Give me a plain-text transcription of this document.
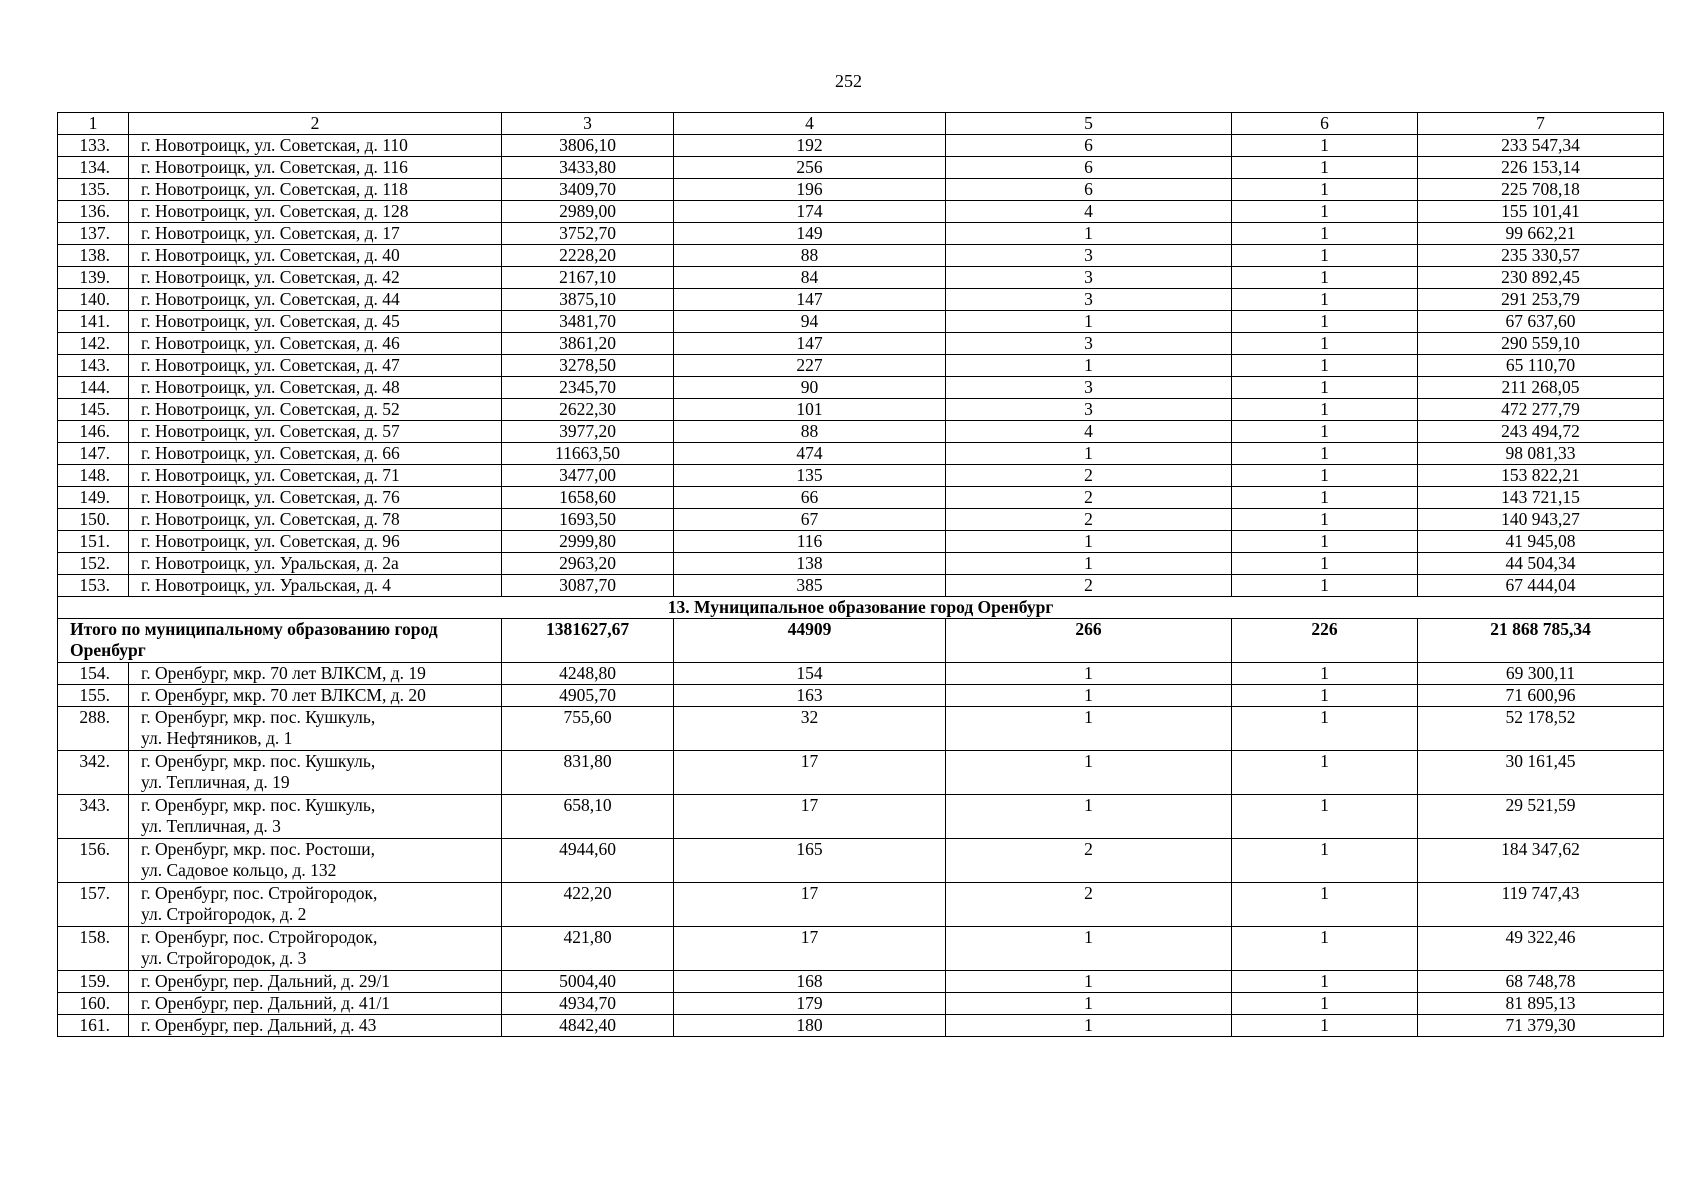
252
1	2	3	4	5	6	7
133.	г. Новотроицк, ул. Советская, д. 110	3806,10	192	6	1	233 547,34
134.	г. Новотроицк, ул. Советская, д. 116	3433,80	256	6	1	226 153,14
135.	г. Новотроицк, ул. Советская, д. 118	3409,70	196	6	1	225 708,18
136.	г. Новотроицк, ул. Советская, д. 128	2989,00	174	4	1	155 101,41
137.	г. Новотроицк, ул. Советская, д. 17	3752,70	149	1	1	99 662,21
138.	г. Новотроицк, ул. Советская, д. 40	2228,20	88	3	1	235 330,57
139.	г. Новотроицк, ул. Советская, д. 42	2167,10	84	3	1	230 892,45
140.	г. Новотроицк, ул. Советская, д. 44	3875,10	147	3	1	291 253,79
141.	г. Новотроицк, ул. Советская, д. 45	3481,70	94	1	1	67 637,60
142.	г. Новотроицк, ул. Советская, д. 46	3861,20	147	3	1	290 559,10
143.	г. Новотроицк, ул. Советская, д. 47	3278,50	227	1	1	65 110,70
144.	г. Новотроицк, ул. Советская, д. 48	2345,70	90	3	1	211 268,05
145.	г. Новотроицк, ул. Советская, д. 52	2622,30	101	3	1	472 277,79
146.	г. Новотроицк, ул. Советская, д. 57	3977,20	88	4	1	243 494,72
147.	г. Новотроицк, ул. Советская, д. 66	11663,50	474	1	1	98 081,33
148.	г. Новотроицк, ул. Советская, д. 71	3477,00	135	2	1	153 822,21
149.	г. Новотроицк, ул. Советская, д. 76	1658,60	66	2	1	143 721,15
150.	г. Новотроицк, ул. Советская, д. 78	1693,50	67	2	1	140 943,27
151.	г. Новотроицк, ул. Советская, д. 96	2999,80	116	1	1	41 945,08
152.	г. Новотроицк, ул. Уральская, д. 2а	2963,20	138	1	1	44 504,34
153.	г. Новотроицк, ул. Уральская, д. 4	3087,70	385	2	1	67 444,04
13. Муниципальное образование город Оренбург						
Итого по муниципальному образованию город Оренбург		1381627,67	44909	266	226	21 868 785,34
154.	г. Оренбург, мкр. 70 лет ВЛКСМ, д. 19	4248,80	154	1	1	69 300,11
155.	г. Оренбург, мкр. 70 лет ВЛКСМ, д. 20	4905,70	163	1	1	71 600,96
288.	г. Оренбург, мкр. пос. Кушкуль,
ул. Нефтяников, д. 1	755,60	32	1	1	52 178,52
342.	г. Оренбург, мкр. пос. Кушкуль,
ул. Тепличная, д. 19	831,80	17	1	1	30 161,45
343.	г. Оренбург, мкр. пос. Кушкуль,
ул. Тепличная, д. 3	658,10	17	1	1	29 521,59
156.	г. Оренбург, мкр. пос. Ростоши,
ул. Садовое кольцо, д. 132	4944,60	165	2	1	184 347,62
157.	г. Оренбург, пос. Стройгородок,
ул. Стройгородок, д. 2	422,20	17	2	1	119 747,43
158.	г. Оренбург, пос. Стройгородок,
ул. Стройгородок, д. 3	421,80	17	1	1	49 322,46
159.	г. Оренбург, пер. Дальний, д. 29/1	5004,40	168	1	1	68 748,78
160.	г. Оренбург, пер. Дальний, д. 41/1	4934,70	179	1	1	81 895,13
161.	г. Оренбург, пер. Дальний, д. 43	4842,40	180	1	1	71 379,30
